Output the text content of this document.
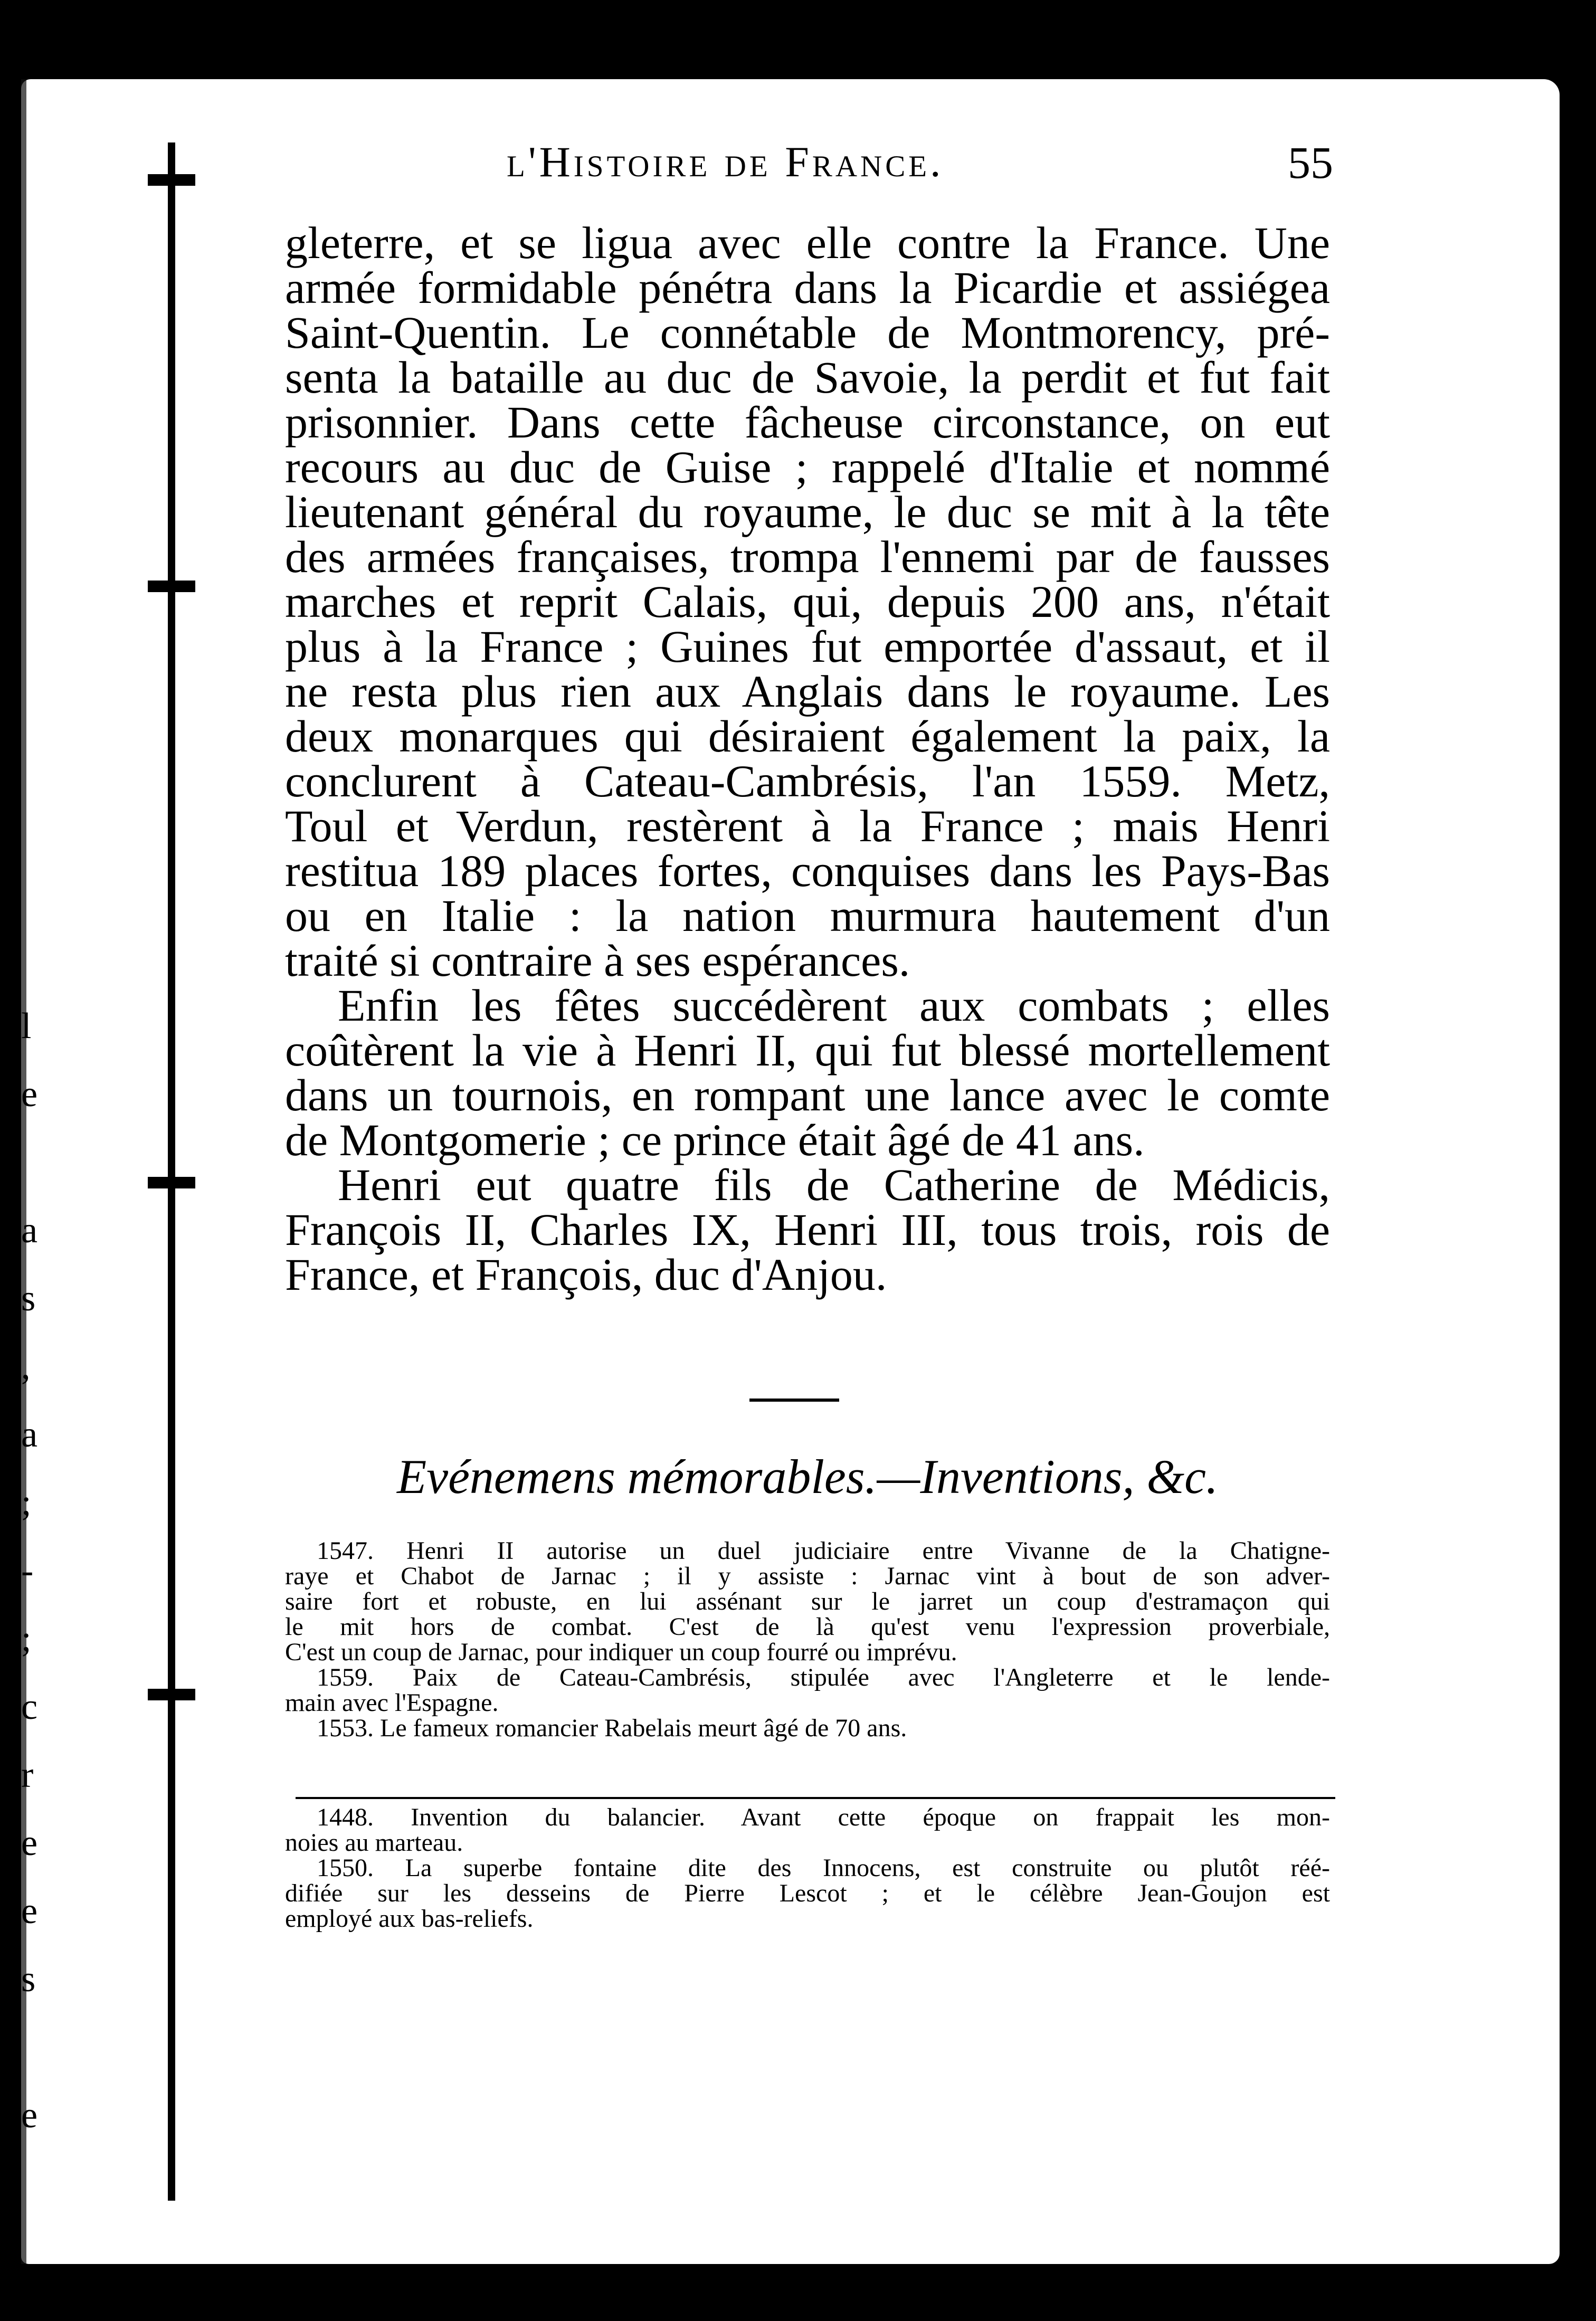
l
e
a
s
,
a
;
-
;
c
r
e
e
s
e
l'Histoire de France.	55
gleterre, et se ligua avec elle contre la France. Une
armée formidable pénétra dans la Picardie et assiégea
Saint-Quentin. Le connétable de Montmorency, pré-
senta la bataille au duc de Savoie, la perdit et fut fait
prisonnier. Dans cette fâcheuse circonstance, on eut
recours au duc de Guise ; rappelé d'Italie et nommé
lieutenant général du royaume, le duc se mit à la tête
des armées françaises, trompa l'ennemi par de fausses
marches et reprit Calais, qui, depuis 200 ans, n'était
plus à la France ; Guines fut emportée d'assaut, et il
ne resta plus rien aux Anglais dans le royaume. Les
deux monarques qui désiraient également la paix, la
conclurent à Cateau-Cambrésis, l'an 1559. Metz,
Toul et Verdun, restèrent à la France ; mais Henri
restitua 189 places fortes, conquises dans les Pays-Bas
ou en Italie : la nation murmura hautement d'un
traité si contraire à ses espérances.
Enfin les fêtes succédèrent aux combats ; elles
coûtèrent la vie à Henri II, qui fut blessé mortellement
dans un tournois, en rompant une lance avec le comte
de Montgomerie ; ce prince était âgé de 41 ans.
Henri eut quatre fils de Catherine de Médicis,
François II, Charles IX, Henri III, tous trois, rois de
France, et François, duc d'Anjou.
Evénemens mémorables.—Inventions, &c.
1547. Henri II autorise un duel judiciaire entre Vivanne de la Chatigne-
raye et Chabot de Jarnac ; il y assiste : Jarnac vint à bout de son adver-
saire fort et robuste, en lui assénant sur le jarret un coup d'estramaçon qui
le mit hors de combat. C'est de là qu'est venu l'expression proverbiale,
C'est un coup de Jarnac, pour indiquer un coup fourré ou imprévu.
1559. Paix de Cateau-Cambrésis, stipulée avec l'Angleterre et le lende-
main avec l'Espagne.
1553. Le fameux romancier Rabelais meurt âgé de 70 ans.
1448. Invention du balancier. Avant cette époque on frappait les mon-
noies au marteau.
1550. La superbe fontaine dite des Innocens, est construite ou plutôt réé-
difiée sur les desseins de Pierre Lescot ; et le célèbre Jean-Goujon est
employé aux bas-reliefs.
